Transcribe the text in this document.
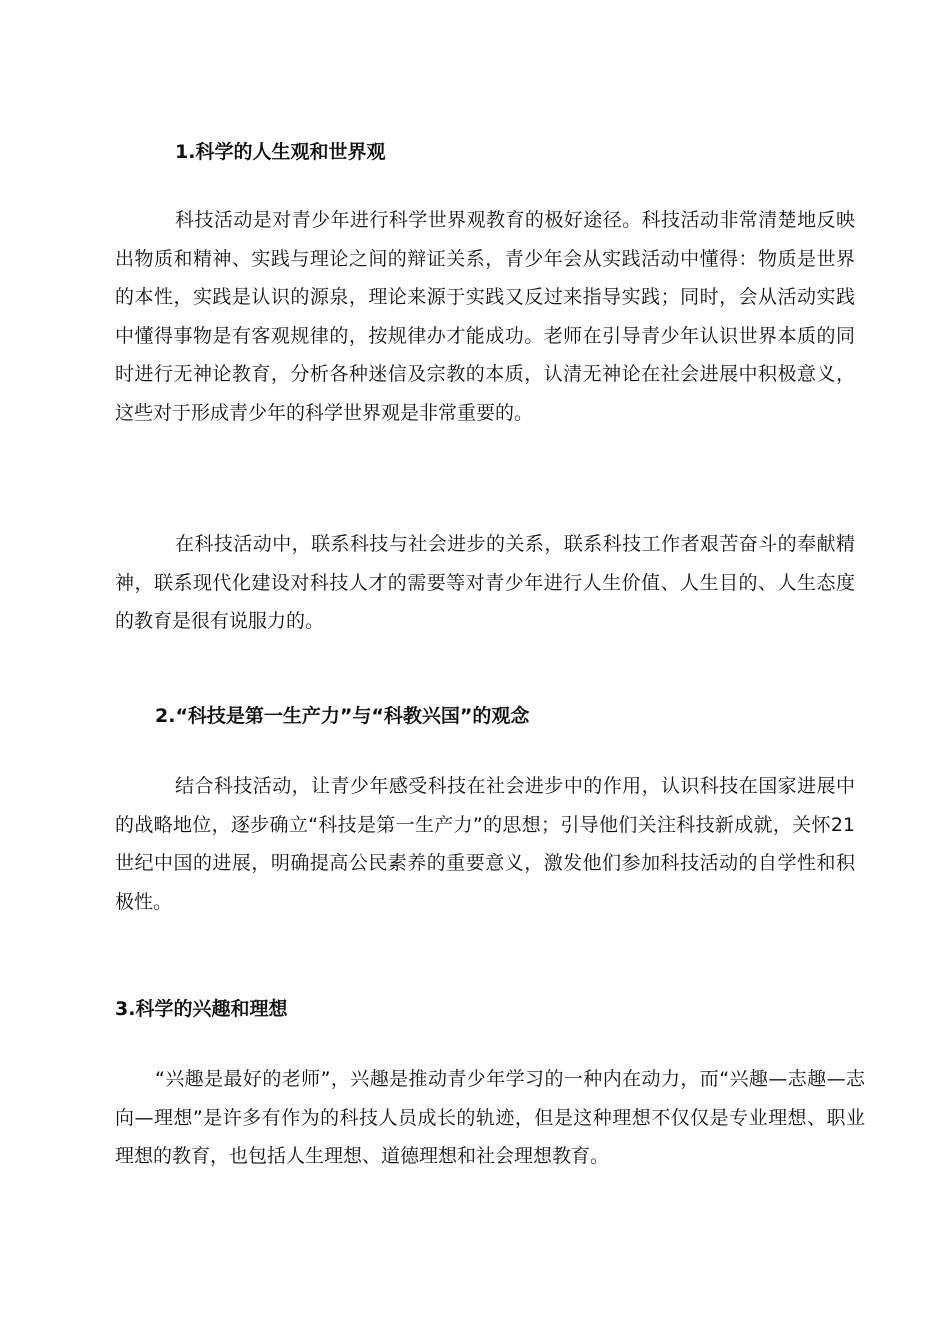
1.科学的人生观和世界观

科技活动是对青少年进行科学世界观教育的极好途径。科技活动非常清楚地反映出物质和精神、实践与理论之间的辩证关系，青少年会从实践活动中懂得：物质是世界的本性，实践是认识的源泉，理论来源于实践又反过来指导实践；同时，会从活动实践中懂得事物是有客观规律的，按规律办才能成功。老师在引导青少年认识世界本质的同时进行无神论教育，分析各种迷信及宗教的本质，认清无神论在社会进展中积极意义，这些对于形成青少年的科学世界观是非常重要的。

在科技活动中，联系科技与社会进步的关系，联系科技工作者艰苦奋斗的奉献精神，联系现代化建设对科技人才的需要等对青少年进行人生价值、人生目的、人生态度的教育是很有说服力的。

2.“科技是第一生产力”与“科教兴国”的观念

结合科技活动，让青少年感受科技在社会进步中的作用，认识科技在国家进展中的战略地位，逐步确立“科技是第一生产力”的思想；引导他们关注科技新成就，关怀21世纪中国的进展，明确提高公民素养的重要意义，激发他们参加科技活动的自学性和积极性。

3.科学的兴趣和理想

“兴趣是最好的老师”，兴趣是推动青少年学习的一种内在动力，而“兴趣—志趣—志向—理想”是许多有作为的科技人员成长的轨迹，但是这种理想不仅仅是专业理想、职业理想的教育，也包括人生理想、道德理想和社会理想教育。
